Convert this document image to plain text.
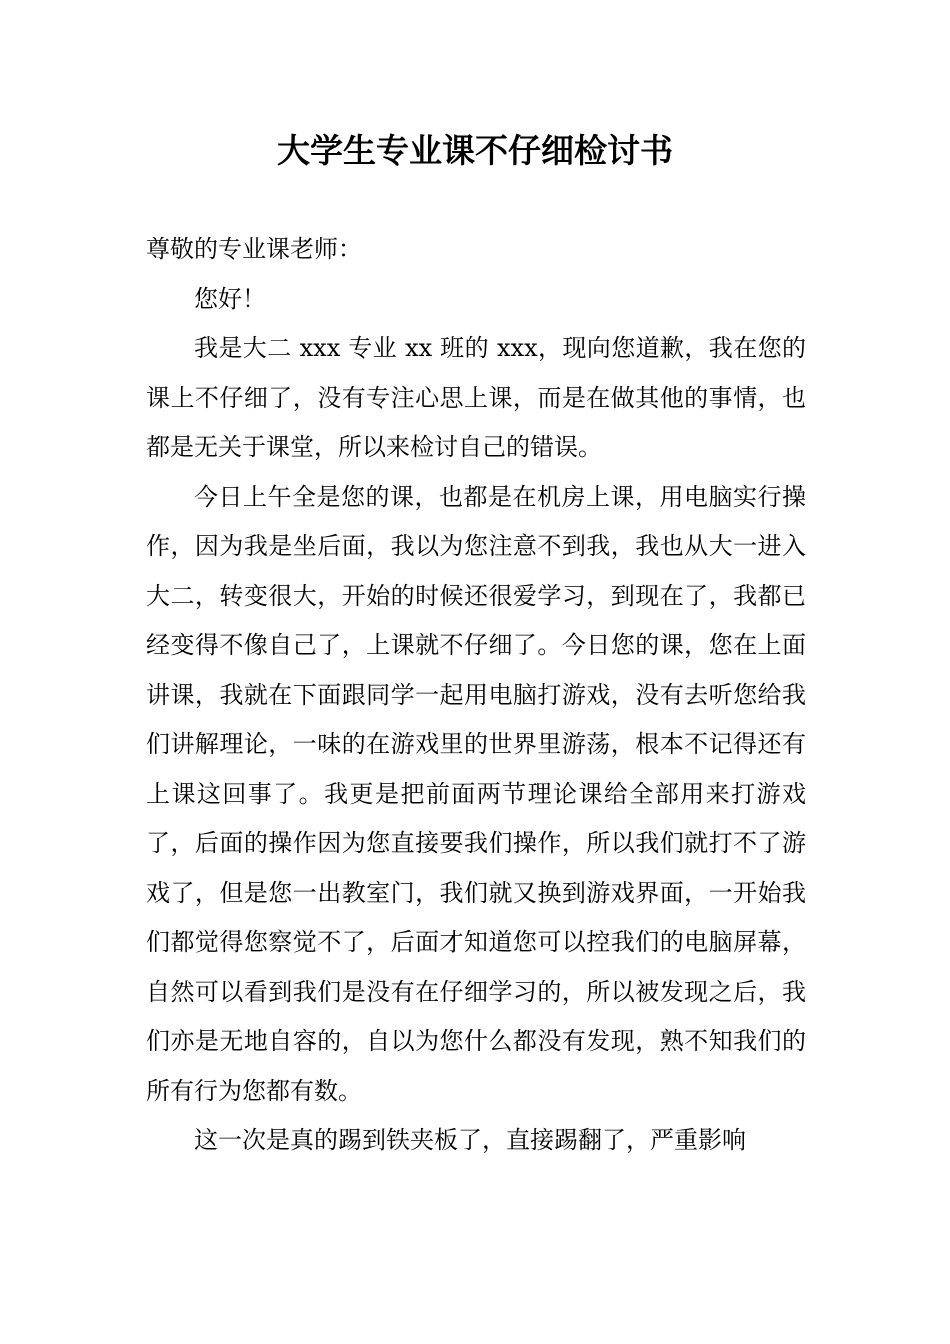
大学生专业课不仔细检讨书

尊敬的专业课老师：

您好！

我是大二 xxx 专业 xx 班的 xxx，现向您道歉，我在您的课上不仔细了，没有专注心思上课，而是在做其他的事情，也都是无关于课堂，所以来检讨自己的错误。

今日上午全是您的课，也都是在机房上课，用电脑实行操作，因为我是坐后面，我以为您注意不到我，我也从大一进入大二，转变很大，开始的时候还很爱学习，到现在了，我都已经变得不像自己了，上课就不仔细了。今日您的课，您在上面讲课，我就在下面跟同学一起用电脑打游戏，没有去听您给我们讲解理论，一味的在游戏里的世界里游荡，根本不记得还有上课这回事了。我更是把前面两节理论课给全部用来打游戏了，后面的操作因为您直接要我们操作，所以我们就打不了游戏了，但是您一出教室门，我们就又换到游戏界面，一开始我们都觉得您察觉不了，后面才知道您可以控我们的电脑屏幕，自然可以看到我们是没有在仔细学习的，所以被发现之后，我们亦是无地自容的，自以为您什么都没有发现，熟不知我们的所有行为您都有数。

这一次是真的踢到铁夹板了，直接踢翻了，严重影响
